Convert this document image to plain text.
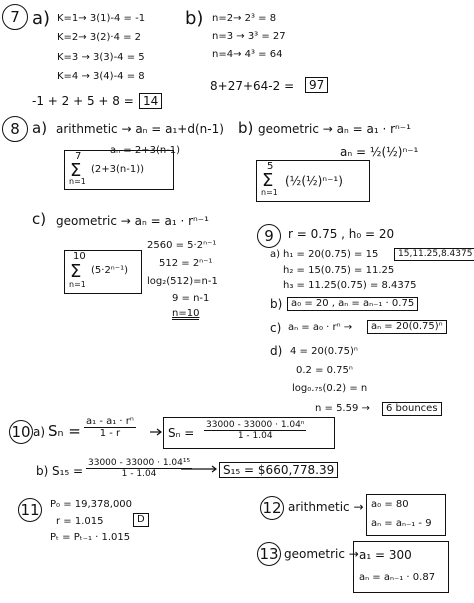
7 a) K=1→ 3(1)-4 = -1
K=2→ 3(2)·4 = 2
K=3 → 3(3)-4 = 5
K=4 → 3(4)-4 = 8
-1 + 2 + 5 + 8 = 14
b) n=2→ 2³ = 8
n=3 → 3³ = 27
n=4→ 4³ = 64
8+27+64-2 =	97
8 a) arithmetic → aₙ = a₁+d(n-1)
aₙ = 2+3(n-1)
7
Σ
n=1
(2+3(n-1))
b) geometric → aₙ = a₁ · rⁿ⁻¹
aₙ = ½(½)ⁿ⁻¹
5
Σ
n=1
(½(½)ⁿ⁻¹)
c) geometric → aₙ = a₁ · rⁿ⁻¹
10
Σ
n=1
(5·2ⁿ⁻¹)
2560 = 5·2ⁿ⁻¹
512 = 2ⁿ⁻¹
log₂(512)=n-1
9 = n-1
n=10
9	r = 0.75 , h₀ = 20
a) h₁ = 20(0.75) = 15
h₂ = 15(0.75) = 11.25
h₃ = 11.25(0.75) = 8.4375
15,11.25,8.4375
b) a₀ = 20 , aₙ = aₙ₋₁ · 0.75
c) aₙ = a₀ · rⁿ →	aₙ = 20(0.75)ⁿ
d) 4 = 20(0.75)ⁿ
0.2 = 0.75ⁿ
log₀.₇₅(0.2) = n
n = 5.59 →	6 bounces
10 a) $S_n = \frac{\text{a₁ - a₁ · rⁿ}}{1 - r}$	$S_n = \frac{\text{33000 - 33000 · 1.04ⁿ}}{1 - 1.04}$
b) $S_{15} = \frac{\text{33000 - 33000 · 1.04¹⁵}}{1 - 1.04}$	S₁₅ = $660,778.39
11 P₀ = 19,378,000
r = 1.015
Pₜ = Pₜ₋₁ · 1.015
D
12 arithmetic → a₀ = 80
aₙ = aₙ₋₁ - 9
13 geometric → a₁ = 300
aₙ = aₙ₋₁ · 0.87
